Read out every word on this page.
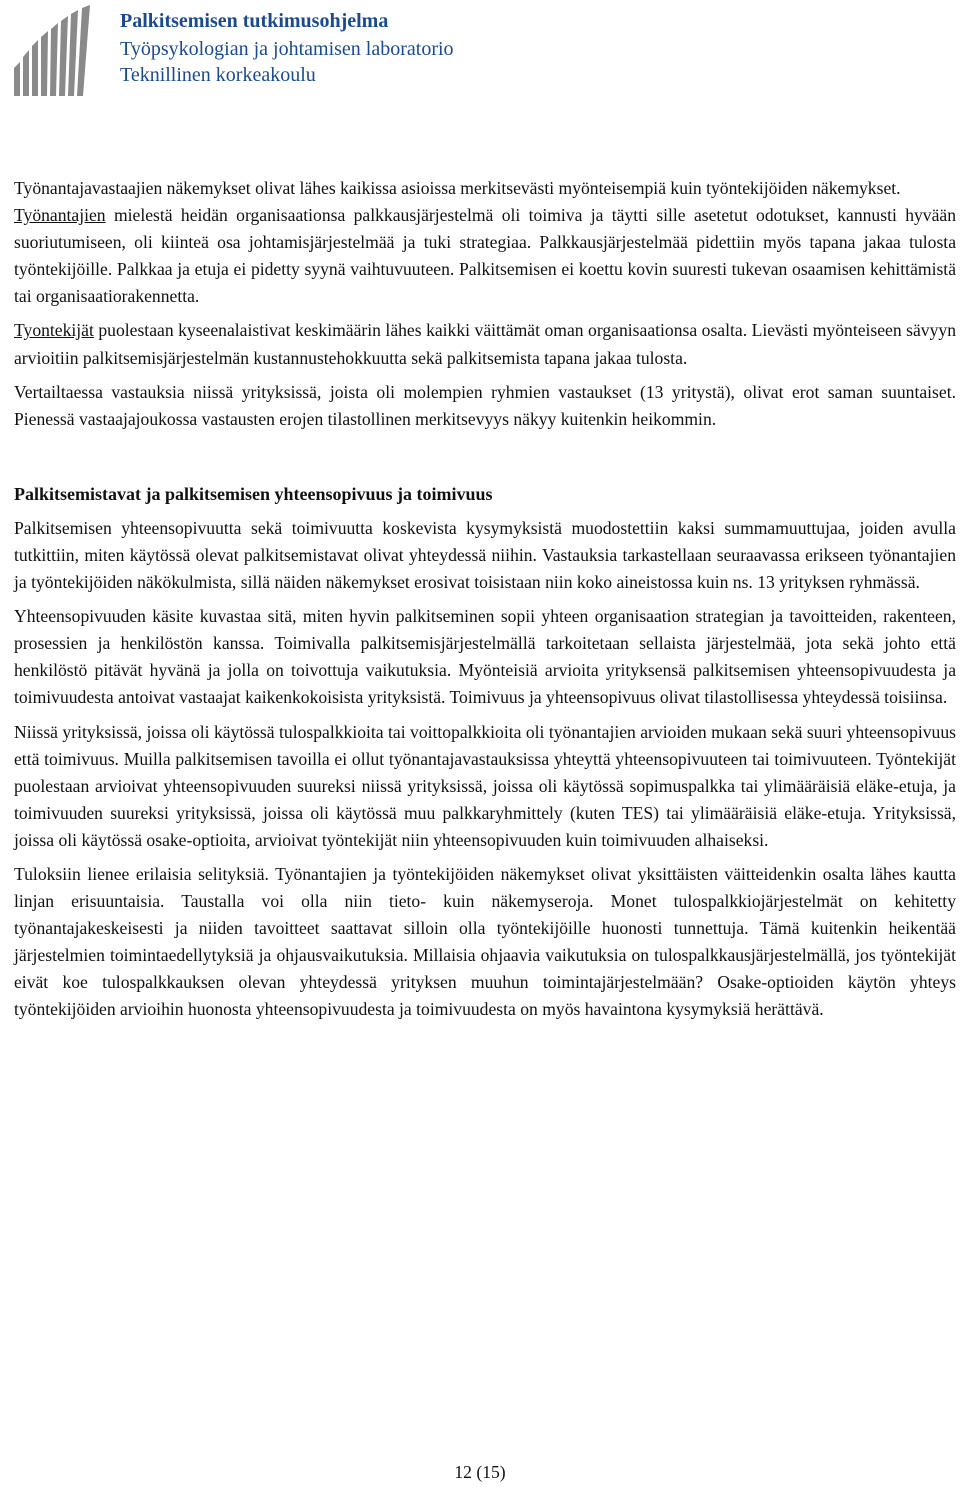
Palkitsemisen tutkimusohjelma
Työpsykologian ja johtamisen laboratorio
Teknillinen korkeakoulu

Työnantajavastaajien näkemykset olivat lähes kaikissa asioissa merkitsevästi myönteisempiä kuin työntekijöiden näkemykset.

Työnantajien mielestä heidän organisaationsa palkkausjärjestelmä oli toimiva ja täytti sille asetetut odotukset, kannusti hyvään suoriutumiseen, oli kiinteä osa johtamisjärjestelmää ja tuki strategiaa. Palkkausjärjestelmää pidettiin myös tapana jakaa tulosta työntekijöille. Palkkaa ja etuja ei pidetty syynä vaihtuvuuteen. Palkitsemisen ei koettu kovin suuresti tukevan osaamisen kehittämistä tai organisaatiorakennetta.

Tyontekijät puolestaan kyseenalaistivat keskimäärin lähes kaikki väittämät oman organisaationsa osalta. Lievästi myönteiseen sävyyn arvioitiin palkitsemisjärjestelmän kustannustehokkuutta sekä palkitsemista tapana jakaa tulosta.

Vertailtaessa vastauksia niissä yrityksissä, joista oli molempien ryhmien vastaukset (13 yritystä), olivat erot saman suuntaiset. Pienessä vastaajajoukossa vastausten erojen tilastollinen merkitsevyys näkyy kuitenkin heikommin.

Palkitsemistavat ja palkitsemisen yhteensopivuus ja toimivuus

Palkitsemisen yhteensopivuutta sekä toimivuutta koskevista kysymyksistä muodostettiin kaksi summamuuttujaa, joiden avulla tutkittiin, miten käytössä olevat palkitsemistavat olivat yhteydessä niihin. Vastauksia tarkastellaan seuraavassa erikseen työnantajien ja työntekijöiden näkökulmista, sillä näiden näkemykset erosivat toisistaan niin koko aineistossa kuin ns. 13 yrityksen ryhmässä.

Yhteensopivuuden käsite kuvastaa sitä, miten hyvin palkitseminen sopii yhteen organisaation strategian ja tavoitteiden, rakenteen, prosessien ja henkilöstön kanssa. Toimivalla palkitsemisjärjestelmällä tarkoitetaan sellaista järjestelmää, jota sekä johto että henkilöstö pitävät hyvänä ja jolla on toivottuja vaikutuksia. Myönteisiä arvioita yrityksensä palkitsemisen yhteensopivuudesta ja toimivuudesta antoivat vastaajat kaikenkokoisista yrityksistä. Toimivuus ja yhteensopivuus olivat tilastollisessa yhteydessä toisiinsa.

Niissä yrityksissä, joissa oli käytössä tulospalkkioita tai voittopalkkioita oli työnantajien arvioiden mukaan sekä suuri yhteensopivuus että toimivuus. Muilla palkitsemisen tavoilla ei ollut työnantajavastauksissa yhteyttä yhteensopivuuteen tai toimivuuteen. Työntekijät puolestaan arvioivat yhteensopivuuden suureksi niissä yrityksissä, joissa oli käytössä sopimuspalkka tai ylimääräisiä eläke-etuja, ja toimivuuden suureksi yrityksissä, joissa oli käytössä muu palkkaryhmittely (kuten TES) tai ylimääräisiä eläke-etuja. Yrityksissä, joissa oli käytössä osake-optioita, arvioivat työntekijät niin yhteensopivuuden kuin toimivuuden alhaiseksi.

Tuloksiin lienee erilaisia selityksiä. Työnantajien ja työntekijöiden näkemykset olivat yksittäisten väitteidenkin osalta lähes kautta linjan erisuuntaisia. Taustalla voi olla niin tieto- kuin näkemyseroja. Monet tulospalkkiojärjestelmät on kehitetty työnantajakeskeisesti ja niiden tavoitteet saattavat silloin olla työntekijöille huonosti tunnettuja. Tämä kuitenkin heikentää järjestelmien toimintaedellytyksiä ja ohjausvaikutuksia. Millaisia ohjaavia vaikutuksia on tulospalkkausjärjestelmällä, jos työntekijät eivät koe tulospalkkauksen olevan yhteydessä yrityksen muuhun toimintajärjestelmään? Osake-optioiden käytön yhteys työntekijöiden arvioihin huonosta yhteensopivuudesta ja toimivuudesta on myös havaintona kysymyksiä herättävä.

12 (15)
